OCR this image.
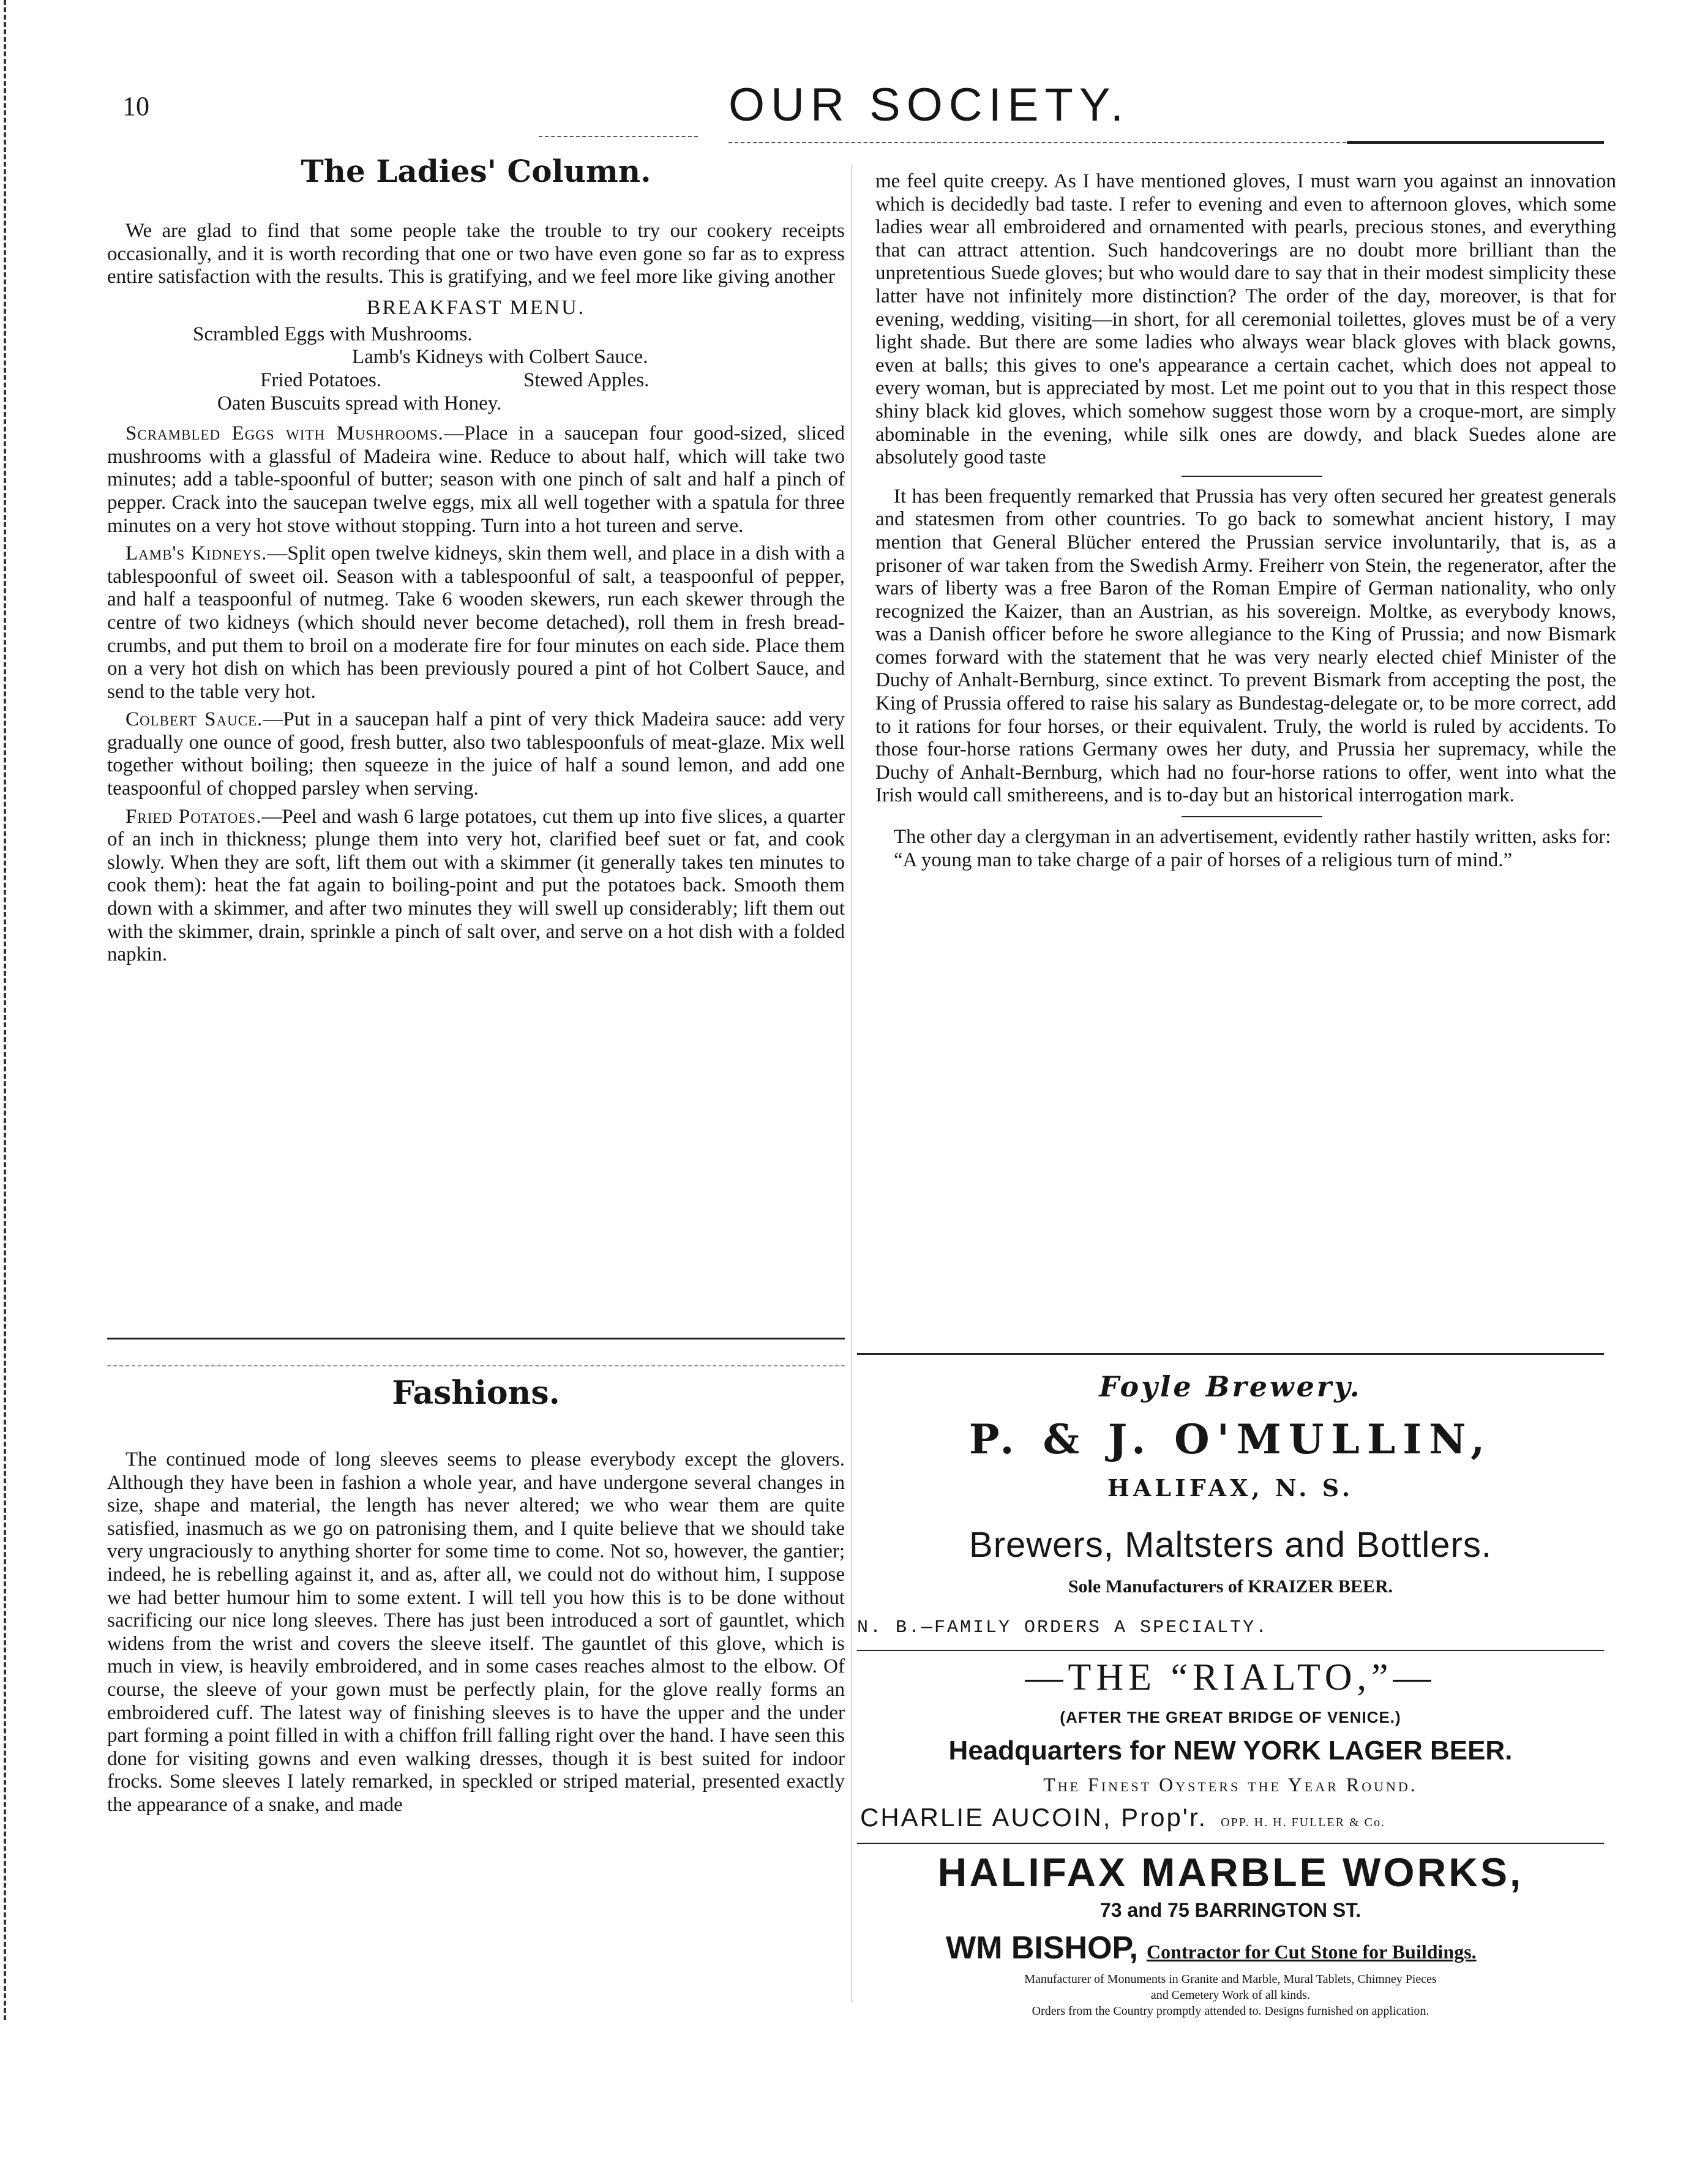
10	OUR SOCIETY.
The Ladies' Column.

We are glad to find that some people take the trouble to try our cookery receipts occasionally, and it is worth recording that one or two have even gone so far as to express entire satisfaction with the results. This is gratifying, and we feel more like giving another

BREAKFAST MENU.
Scrambled Eggs with Mushrooms.
Lamb's Kidneys with Colbert Sauce.
Fried Potatoes.	Stewed Apples.
Oaten Buscuits spread with Honey.

Scrambled Eggs with Mushrooms.—Place in a saucepan four good-sized, sliced mushrooms with a glassful of Madeira wine. Reduce to about half, which will take two minutes; add a table-spoonful of butter; season with one pinch of salt and half a pinch of pepper. Crack into the saucepan twelve eggs, mix all well together with a spatula for three minutes on a very hot stove without stopping. Turn into a hot tureen and serve.

Lamb's Kidneys.—Split open twelve kidneys, skin them well, and place in a dish with a tablespoonful of sweet oil. Season with a tablespoonful of salt, a teaspoonful of pepper, and half a teaspoonful of nutmeg. Take 6 wooden skewers, run each skewer through the centre of two kidneys (which should never become detached), roll them in fresh bread-crumbs, and put them to broil on a moderate fire for four minutes on each side. Place them on a very hot dish on which has been previously poured a pint of hot Colbert Sauce, and send to the table very hot.

Colbert Sauce.—Put in a saucepan half a pint of very thick Madeira sauce: add very gradually one ounce of good, fresh butter, also two tablespoonfuls of meat-glaze. Mix well together without boiling; then squeeze in the juice of half a sound lemon, and add one teaspoonful of chopped parsley when serving.

Fried Potatoes.—Peel and wash 6 large potatoes, cut them up into five slices, a quarter of an inch in thickness; plunge them into very hot, clarified beef suet or fat, and cook slowly. When they are soft, lift them out with a skimmer (it generally takes ten minutes to cook them): heat the fat again to boiling-point and put the potatoes back. Smooth them down with a skimmer, and after two minutes they will swell up considerably; lift them out with the skimmer, drain, sprinkle a pinch of salt over, and serve on a hot dish with a folded napkin.

me feel quite creepy. As I have mentioned gloves, I must warn you against an innovation which is decidedly bad taste. I refer to evening and even to afternoon gloves, which some ladies wear all embroidered and ornamented with pearls, precious stones, and everything that can attract attention. Such handcoverings are no doubt more brilliant than the unpretentious Suede gloves; but who would dare to say that in their modest simplicity these latter have not infinitely more distinction? The order of the day, moreover, is that for evening, wedding, visiting—in short, for all ceremonial toilettes, gloves must be of a very light shade. But there are some ladies who always wear black gloves with black gowns, even at balls; this gives to one's appearance a certain cachet, which does not appeal to every woman, but is appreciated by most. Let me point out to you that in this respect those shiny black kid gloves, which somehow suggest those worn by a croque-mort, are simply abominable in the evening, while silk ones are dowdy, and black Suedes alone are absolutely good taste

It has been frequently remarked that Prussia has very often secured her greatest generals and statesmen from other countries. To go back to somewhat ancient history, I may mention that General Blücher entered the Prussian service involuntarily, that is, as a prisoner of war taken from the Swedish Army. Freiherr von Stein, the regenerator, after the wars of liberty was a free Baron of the Roman Empire of German nationality, who only recognized the Kaizer, than an Austrian, as his sovereign. Moltke, as everybody knows, was a Danish officer before he swore allegiance to the King of Prussia; and now Bismark comes forward with the statement that he was very nearly elected chief Minister of the Duchy of Anhalt-Bernburg, since extinct. To prevent Bismark from accepting the post, the King of Prussia offered to raise his salary as Bundestag-delegate or, to be more correct, add to it rations for four horses, or their equivalent. Truly, the world is ruled by accidents. To those four-horse rations Germany owes her duty, and Prussia her supremacy, while the Duchy of Anhalt-Bernburg, which had no four-horse rations to offer, went into what the Irish would call smithereens, and is to-day but an historical interrogation mark.

The other day a clergyman in an advertisement, evidently rather hastily written, asks for:

“A young man to take charge of a pair of horses of a religious turn of mind.”

Fashions.

The continued mode of long sleeves seems to please everybody except the glovers. Although they have been in fashion a whole year, and have undergone several changes in size, shape and material, the length has never altered; we who wear them are quite satisfied, inasmuch as we go on patronising them, and I quite believe that we should take very ungraciously to anything shorter for some time to come. Not so, however, the gantier; indeed, he is rebelling against it, and as, after all, we could not do without him, I suppose we had better humour him to some extent. I will tell you how this is to be done without sacrificing our nice long sleeves. There has just been introduced a sort of gauntlet, which widens from the wrist and covers the sleeve itself. The gauntlet of this glove, which is much in view, is heavily embroidered, and in some cases reaches almost to the elbow. Of course, the sleeve of your gown must be perfectly plain, for the glove really forms an embroidered cuff. The latest way of finishing sleeves is to have the upper and the under part forming a point filled in with a chiffon frill falling right over the hand. I have seen this done for visiting gowns and even walking dresses, though it is best suited for indoor frocks. Some sleeves I lately remarked, in speckled or striped material, presented exactly the appearance of a snake, and made

Foyle Brewery.
P. & J. O'MULLIN,
HALIFAX, N. S.
Brewers, Maltsters and Bottlers.
Sole Manufacturers of KRAIZER BEER.
N. B.—FAMILY ORDERS A SPECIALTY.
—THE “RIALTO,”—
(AFTER THE GREAT BRIDGE OF VENICE.)
Headquarters for NEW YORK LAGER BEER.
The Finest Oysters the Year Round.
CHARLIE AUCOIN, Prop'r. OPP. H. H. FULLER & Co.
HALIFAX MARBLE WORKS,
73 and 75 BARRINGTON ST.
WM BISHOP, Contractor for Cut Stone for Buildings.
Manufacturer of Monuments in Granite and Marble, Mural Tablets, Chimney Pieces
and Cemetery Work of all kinds.
Orders from the Country promptly attended to. Designs furnished on application.
